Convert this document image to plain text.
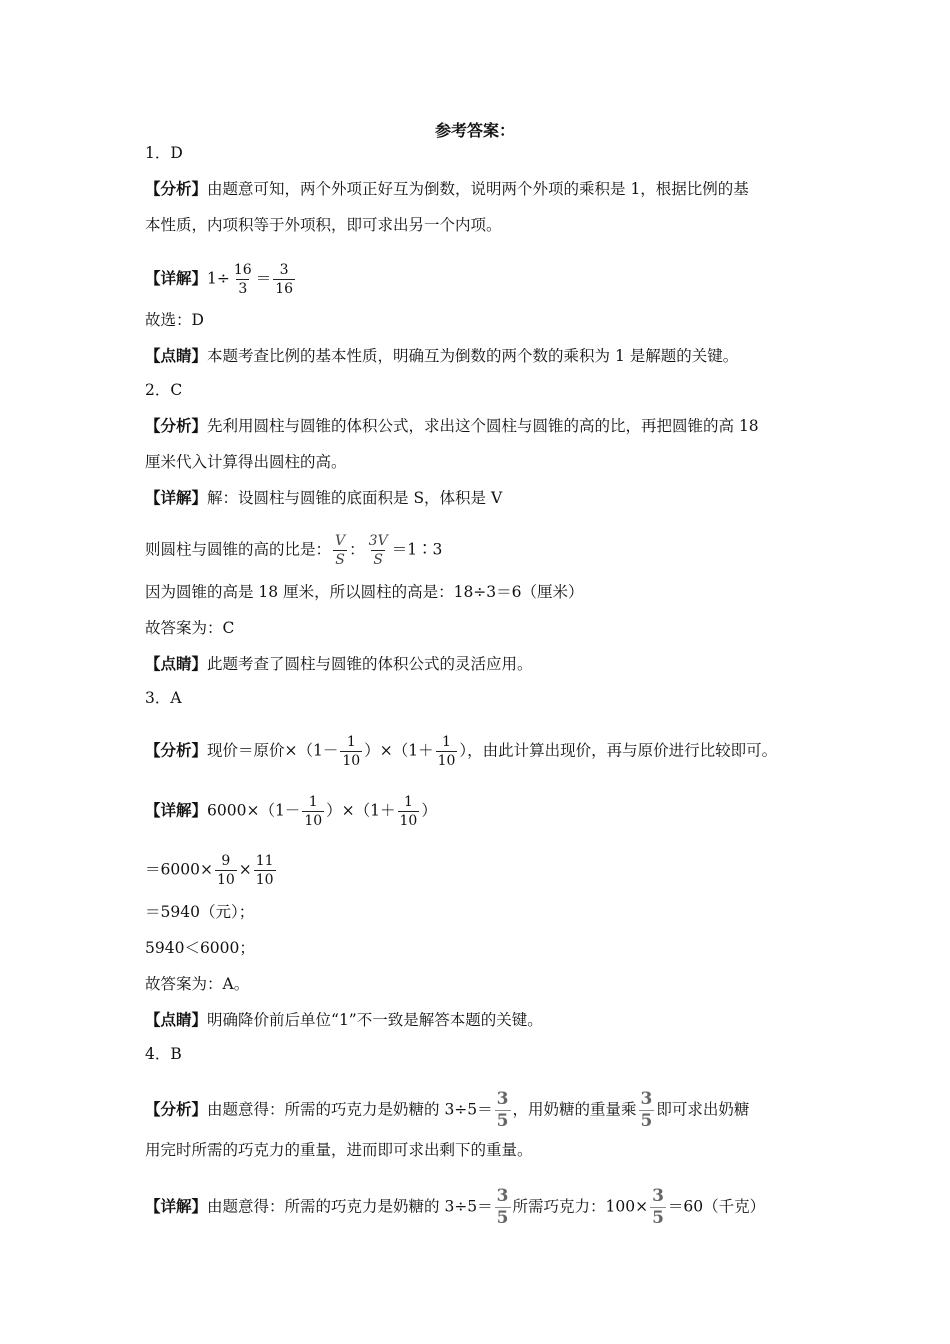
参考答案：
1．D
【分析】由题意可知，两个外项正好互为倒数，说明两个外项的乘积是 1，根据比例的基
本性质，内项积等于外项积，即可求出另一个内项。
【详解】$1\div \frac{16}{3} = \frac{3}{16}$
故选：D
【点睛】本题考查比例的基本性质，明确互为倒数的两个数的乘积为 1 是解题的关键。
2．C
【分析】先利用圆柱与圆锥的体积公式，求出这个圆柱与圆锥的高的比，再把圆锥的高 18
厘米代入计算得出圆柱的高。
【详解】解：设圆柱与圆锥的底面积是 S，体积是 V
则圆柱与圆锥的高的比是： $\frac{V}{S}$ ： $\frac{3V}{S}$ ＝1∶3
因为圆锥的高是 18 厘米，所以圆柱的高是：18÷3＝6（厘米）
故答案为：C
【点睛】此题考查了圆柱与圆锥的体积公式的灵活应用。
3．A
【分析】现价＝原价$\times(1- \frac{1}{10} )\times(1+ \frac{1}{10}$ ），由此计算出现价，再与原价进行比较即可。
【详解】$6000\times(1- \frac{1}{10} )\times(1+ \frac{1}{10}$ ）
$=6000\times \frac{9}{10} \times \frac{11}{10}$
＝5940（元）；
5940＜6000；
故答案为：A。
【点睛】明确降价前后单位“1”不一致是解答本题的关键。
4．B
【分析】由题意得：所需的巧克力是奶糖的 $3\div 5= \frac{3}{5}$ ，用奶糖的重量乘 $\frac{3}{5}$ 即可求出奶糖
用完时所需的巧克力的重量，进而即可求出剩下的重量。
【详解】由题意得：所需的巧克力是奶糖的 $3\div 5= \frac{3}{5}$ 所需巧克力：$100\times \frac{3}{5} =60$（千克）
